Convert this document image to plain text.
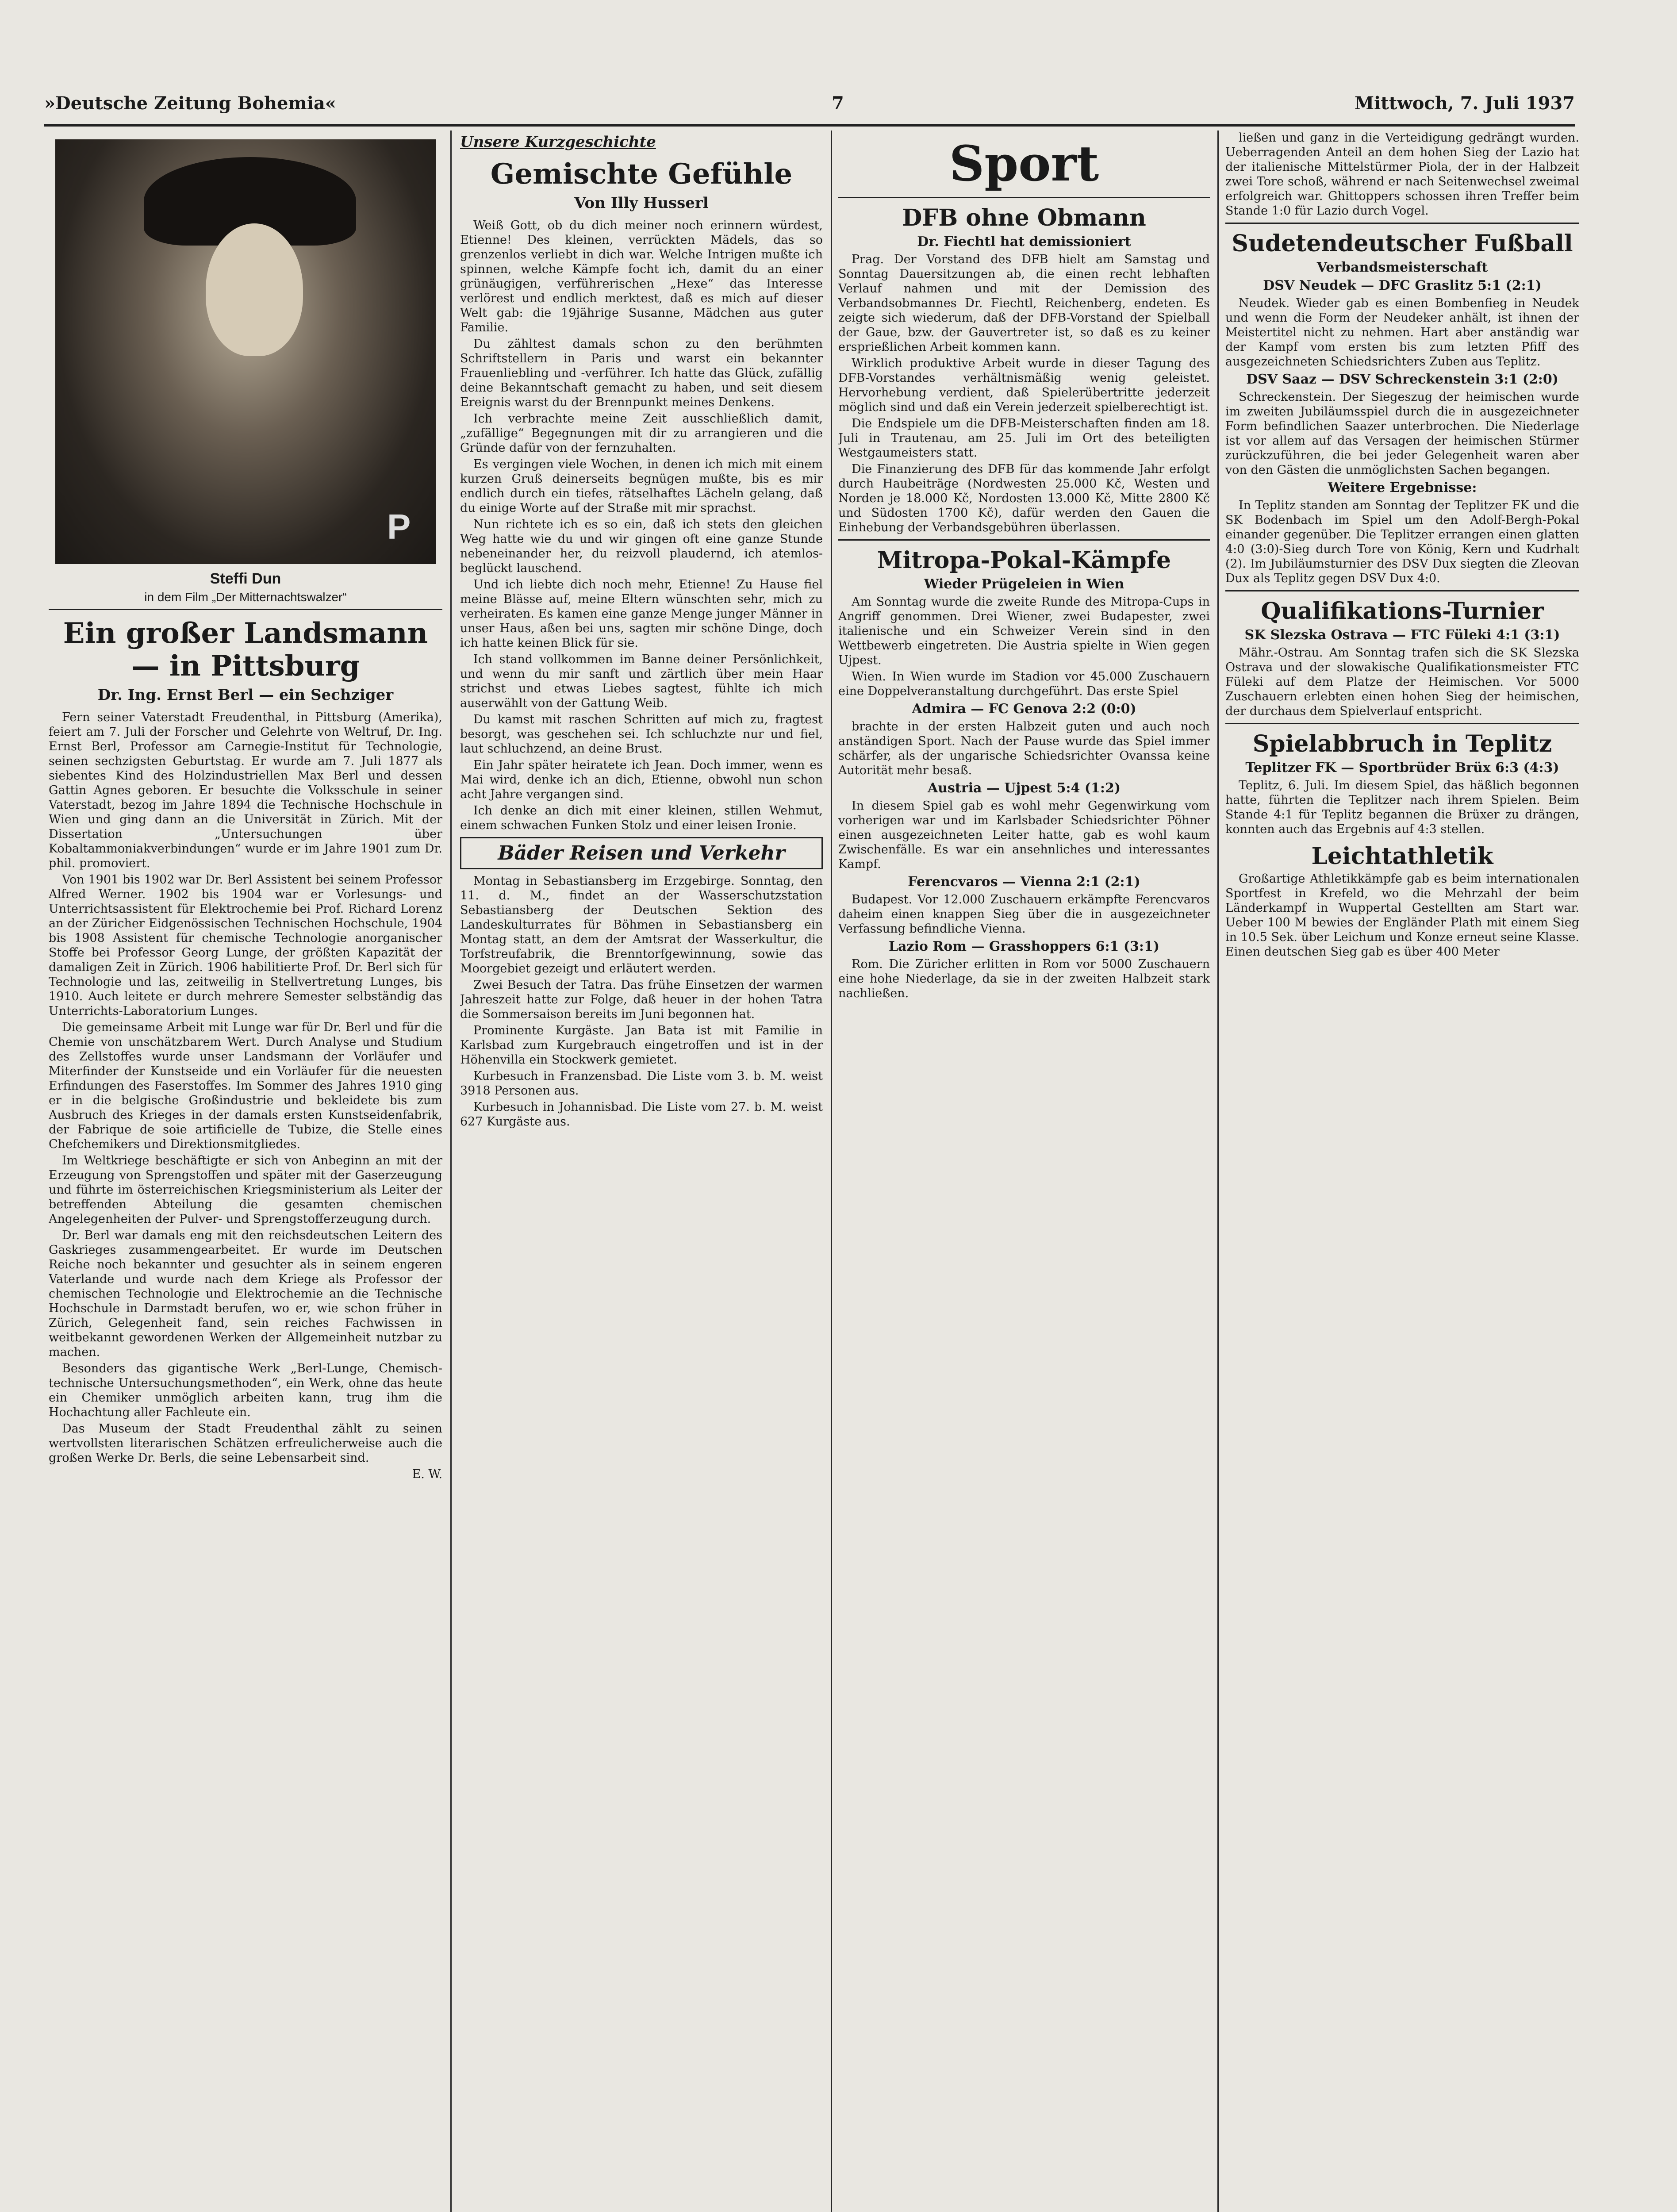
»Deutsche Zeitung Bohemia«	7	Mittwoch, 7. Juli 1937
P
Steffi Dun
in dem Film „Der Mitternachtswalzer“
Ein großer Landsmann — in Pittsburg
Dr. Ing. Ernst Berl — ein Sechziger

Fern seiner Vaterstadt Freudenthal, in Pittsburg (Amerika), feiert am 7. Juli der Forscher und Gelehrte von Weltruf, Dr. Ing. Ernst Berl, Professor am Carnegie-Institut für Technologie, seinen sechzigsten Geburtstag. Er wurde am 7. Juli 1877 als siebentes Kind des Holzindustriellen Max Berl und dessen Gattin Agnes geboren. Er besuchte die Volksschule in seiner Vaterstadt, bezog im Jahre 1894 die Technische Hochschule in Wien und ging dann an die Universität in Zürich. Mit der Dissertation „Untersuchungen über Kobaltammoniakverbindungen“ wurde er im Jahre 1901 zum Dr. phil. promoviert.

Von 1901 bis 1902 war Dr. Berl Assistent bei seinem Professor Alfred Werner. 1902 bis 1904 war er Vorlesungs- und Unterrichtsassistent für Elektrochemie bei Prof. Richard Lorenz an der Züricher Eidgenössischen Technischen Hochschule, 1904 bis 1908 Assistent für chemische Technologie anorganischer Stoffe bei Professor Georg Lunge, der größten Kapazität der damaligen Zeit in Zürich. 1906 habilitierte Prof. Dr. Berl sich für Technologie und las, zeitweilig in Stellvertretung Lunges, bis 1910. Auch leitete er durch mehrere Semester selbständig das Unterrichts-Laboratorium Lunges.

Die gemeinsame Arbeit mit Lunge war für Dr. Berl und für die Chemie von unschätzbarem Wert. Durch Analyse und Studium des Zellstoffes wurde unser Landsmann der Vorläufer und Miterfinder der Kunstseide und ein Vorläufer für die neuesten Erfindungen des Faserstoffes. Im Sommer des Jahres 1910 ging er in die belgische Großindustrie und bekleidete bis zum Ausbruch des Krieges in der damals ersten Kunstseidenfabrik, der Fabrique de soie artificielle de Tubize, die Stelle eines Chefchemikers und Direktionsmitgliedes.

Im Weltkriege beschäftigte er sich von Anbeginn an mit der Erzeugung von Sprengstoffen und später mit der Gaserzeugung und führte im österreichischen Kriegsministerium als Leiter der betreffenden Abteilung die gesamten chemischen Angelegenheiten der Pulver- und Sprengstofferzeugung durch.

Dr. Berl war damals eng mit den reichsdeutschen Leitern des Gaskrieges zusammengearbeitet. Er wurde im Deutschen Reiche noch bekannter und gesuchter als in seinem engeren Vaterlande und wurde nach dem Kriege als Professor der chemischen Technologie und Elektrochemie an die Technische Hochschule in Darmstadt berufen, wo er, wie schon früher in Zürich, Gelegenheit fand, sein reiches Fachwissen in weitbekannt gewordenen Werken der Allgemeinheit nutzbar zu machen.

Besonders das gigantische Werk „Berl-Lunge, Chemisch-technische Untersuchungsmethoden“, ein Werk, ohne das heute ein Chemiker unmöglich arbeiten kann, trug ihm die Hochachtung aller Fachleute ein.

Das Museum der Stadt Freudenthal zählt zu seinen wertvollsten literarischen Schätzen erfreulicherweise auch die großen Werke Dr. Berls, die seine Lebensarbeit sind.

E. W.
Unsere Kurzgeschichte
Gemischte Gefühle
Von Illy Husserl

Weiß Gott, ob du dich meiner noch erinnern würdest, Etienne! Des kleinen, verrückten Mädels, das so grenzenlos verliebt in dich war. Welche Intrigen mußte ich spinnen, welche Kämpfe focht ich, damit du an einer grünäugigen, verführerischen „Hexe“ das Interesse verlörest und endlich merktest, daß es mich auf dieser Welt gab: die 19jährige Susanne, Mädchen aus guter Familie.

Du zähltest damals schon zu den berühmten Schriftstellern in Paris und warst ein bekannter Frauenliebling und -verführer. Ich hatte das Glück, zufällig deine Bekanntschaft gemacht zu haben, und seit diesem Ereignis warst du der Brennpunkt meines Denkens.

Ich verbrachte meine Zeit ausschließlich damit, „zufällige“ Begegnungen mit dir zu arrangieren und die Gründe dafür von der fernzuhalten.

Es vergingen viele Wochen, in denen ich mich mit einem kurzen Gruß deinerseits begnügen mußte, bis es mir endlich durch ein tiefes, rätselhaftes Lächeln gelang, daß du einige Worte auf der Straße mit mir sprachst.

Nun richtete ich es so ein, daß ich stets den gleichen Weg hatte wie du und wir gingen oft eine ganze Stunde nebeneinander her, du reizvoll plaudernd, ich atemlos-beglückt lauschend.

Und ich liebte dich noch mehr, Etienne! Zu Hause fiel meine Blässe auf, meine Eltern wünschten sehr, mich zu verheiraten. Es kamen eine ganze Menge junger Männer in unser Haus, aßen bei uns, sagten mir schöne Dinge, doch ich hatte keinen Blick für sie.

Ich stand vollkommen im Banne deiner Persönlichkeit, und wenn du mir sanft und zärtlich über mein Haar strichst und etwas Liebes sagtest, fühlte ich mich auserwählt von der Gattung Weib.

Du kamst mit raschen Schritten auf mich zu, fragtest besorgt, was geschehen sei. Ich schluchzte nur und fiel, laut schluchzend, an deine Brust.

Ein Jahr später heiratete ich Jean. Doch immer, wenn es Mai wird, denke ich an dich, Etienne, obwohl nun schon acht Jahre vergangen sind.

Ich denke an dich mit einer kleinen, stillen Wehmut, einem schwachen Funken Stolz und einer leisen Ironie.

Bäder Reisen und Verkehr

Montag in Sebastiansberg im Erzgebirge. Sonntag, den 11. d. M., findet an der Wasserschutzstation Sebastiansberg der Deutschen Sektion des Landeskulturrates für Böhmen in Sebastiansberg ein Montag statt, an dem der Amtsrat der Wasserkultur, die Torfstreufabrik, die Brenntorfgewinnung, sowie das Moorgebiet gezeigt und erläutert werden.

Zwei Besuch der Tatra. Das frühe Einsetzen der warmen Jahreszeit hatte zur Folge, daß heuer in der hohen Tatra die Sommersaison bereits im Juni begonnen hat.

Prominente Kurgäste. Jan Bata ist mit Familie in Karlsbad zum Kurgebrauch eingetroffen und ist in der Höhenvilla ein Stockwerk gemietet.

Kurbesuch in Franzensbad. Die Liste vom 3. b. M. weist 3918 Personen aus.

Kurbesuch in Johannisbad. Die Liste vom 27. b. M. weist 627 Kurgäste aus.

Sport
DFB ohne Obmann
Dr. Fiechtl hat demissioniert

Prag. Der Vorstand des DFB hielt am Samstag und Sonntag Dauersitzungen ab, die einen recht lebhaften Verlauf nahmen und mit der Demission des Verbandsobmannes Dr. Fiechtl, Reichenberg, endeten. Es zeigte sich wiederum, daß der DFB-Vorstand der Spielball der Gaue, bzw. der Gauvertreter ist, so daß es zu keiner ersprießlichen Arbeit kommen kann.

Wirklich produktive Arbeit wurde in dieser Tagung des DFB-Vorstandes verhältnismäßig wenig geleistet. Hervorhebung verdient, daß Spielerübertritte jederzeit möglich sind und daß ein Verein jederzeit spielberechtigt ist.

Die Endspiele um die DFB-Meisterschaften finden am 18. Juli in Trautenau, am 25. Juli im Ort des beteiligten Westgaumeisters statt.

Die Finanzierung des DFB für das kommende Jahr erfolgt durch Haubeiträge (Nordwesten 25.000 Kč, Westen und Norden je 18.000 Kč, Nordosten 13.000 Kč, Mitte 2800 Kč und Südosten 1700 Kč), dafür werden den Gauen die Einhebung der Verbandsgebühren überlassen.

Mitropa-Pokal-Kämpfe
Wieder Prügeleien in Wien

Am Sonntag wurde die zweite Runde des Mitropa-Cups in Angriff genommen. Drei Wiener, zwei Budapester, zwei italienische und ein Schweizer Verein sind in den Wettbewerb eingetreten. Die Austria spielte in Wien gegen Ujpest.

Wien. In Wien wurde im Stadion vor 45.000 Zuschauern eine Doppelveranstaltung durchgeführt. Das erste Spiel

Admira — FC Genova 2:2 (0:0)

brachte in der ersten Halbzeit guten und auch noch anständigen Sport. Nach der Pause wurde das Spiel immer schärfer, als der ungarische Schiedsrichter Ovanssa keine Autorität mehr besaß.

Austria — Ujpest 5:4 (1:2)

In diesem Spiel gab es wohl mehr Gegenwirkung vom vorherigen war und im Karlsbader Schiedsrichter Pöhner einen ausgezeichneten Leiter hatte, gab es wohl kaum Zwischenfälle. Es war ein ansehnliches und interessantes Kampf.

Ferencvaros — Vienna 2:1 (2:1)

Budapest. Vor 12.000 Zuschauern erkämpfte Ferencvaros daheim einen knappen Sieg über die in ausgezeichneter Verfassung befindliche Vienna.

Lazio Rom — Grasshoppers 6:1 (3:1)

Rom. Die Züricher erlitten in Rom vor 5000 Zuschauern eine hohe Niederlage, da sie in der zweiten Halbzeit stark nachließen.

ließen und ganz in die Verteidigung gedrängt wurden. Ueberragenden Anteil an dem hohen Sieg der Lazio hat der italienische Mittelstürmer Piola, der in der Halbzeit zwei Tore schoß, während er nach Seitenwechsel zweimal erfolgreich war. Ghittoppers schossen ihren Treffer beim Stande 1:0 für Lazio durch Vogel.

Sudetendeutscher Fußball
Verbandsmeisterschaft
DSV Neudek — DFC Graslitz 5:1 (2:1)

Neudek. Wieder gab es einen Bombenfieg in Neudek und wenn die Form der Neudeker anhält, ist ihnen der Meistertitel nicht zu nehmen. Hart aber anständig war der Kampf vom ersten bis zum letzten Pfiff des ausgezeichneten Schiedsrichters Zuben aus Teplitz.

DSV Saaz — DSV Schreckenstein 3:1 (2:0)

Schreckenstein. Der Siegeszug der heimischen wurde im zweiten Jubiläumsspiel durch die in ausgezeichneter Form befindlichen Saazer unterbrochen. Die Niederlage ist vor allem auf das Versagen der heimischen Stürmer zurückzuführen, die bei jeder Gelegenheit waren aber von den Gästen die unmöglichsten Sachen begangen.

Weitere Ergebnisse:

In Teplitz standen am Sonntag der Teplitzer FK und die SK Bodenbach im Spiel um den Adolf-Bergh-Pokal einander gegenüber. Die Teplitzer errangen einen glatten 4:0 (3:0)-Sieg durch Tore von König, Kern und Kudrhalt (2). Im Jubiläumsturnier des DSV Dux siegten die Zleovan Dux als Teplitz gegen DSV Dux 4:0.

Qualifikations-Turnier
SK Slezska Ostrava — FTC Füleki 4:1 (3:1)

Mähr.-Ostrau. Am Sonntag trafen sich die SK Slezska Ostrava und der slowakische Qualifikationsmeister FTC Füleki auf dem Platze der Heimischen. Vor 5000 Zuschauern erlebten einen hohen Sieg der heimischen, der durchaus dem Spielverlauf entspricht.

Spielabbruch in Teplitz
Teplitzer FK — Sportbrüder Brüx 6:3 (4:3)

Teplitz, 6. Juli. Im diesem Spiel, das häßlich begonnen hatte, führten die Teplitzer nach ihrem Spielen. Beim Stande 4:1 für Teplitz begannen die Brüxer zu drängen, konnten auch das Ergebnis auf 4:3 stellen.

Leichtathletik

Großartige Athletikkämpfe gab es beim internationalen Sportfest in Krefeld, wo die Mehrzahl der beim Länderkampf in Wuppertal Gestellten am Start war. Ueber 100 M bewies der Engländer Plath mit einem Sieg in 10.5 Sek. über Leichum und Konze erneut seine Klasse. Einen deutschen Sieg gab es über 400 Meter
